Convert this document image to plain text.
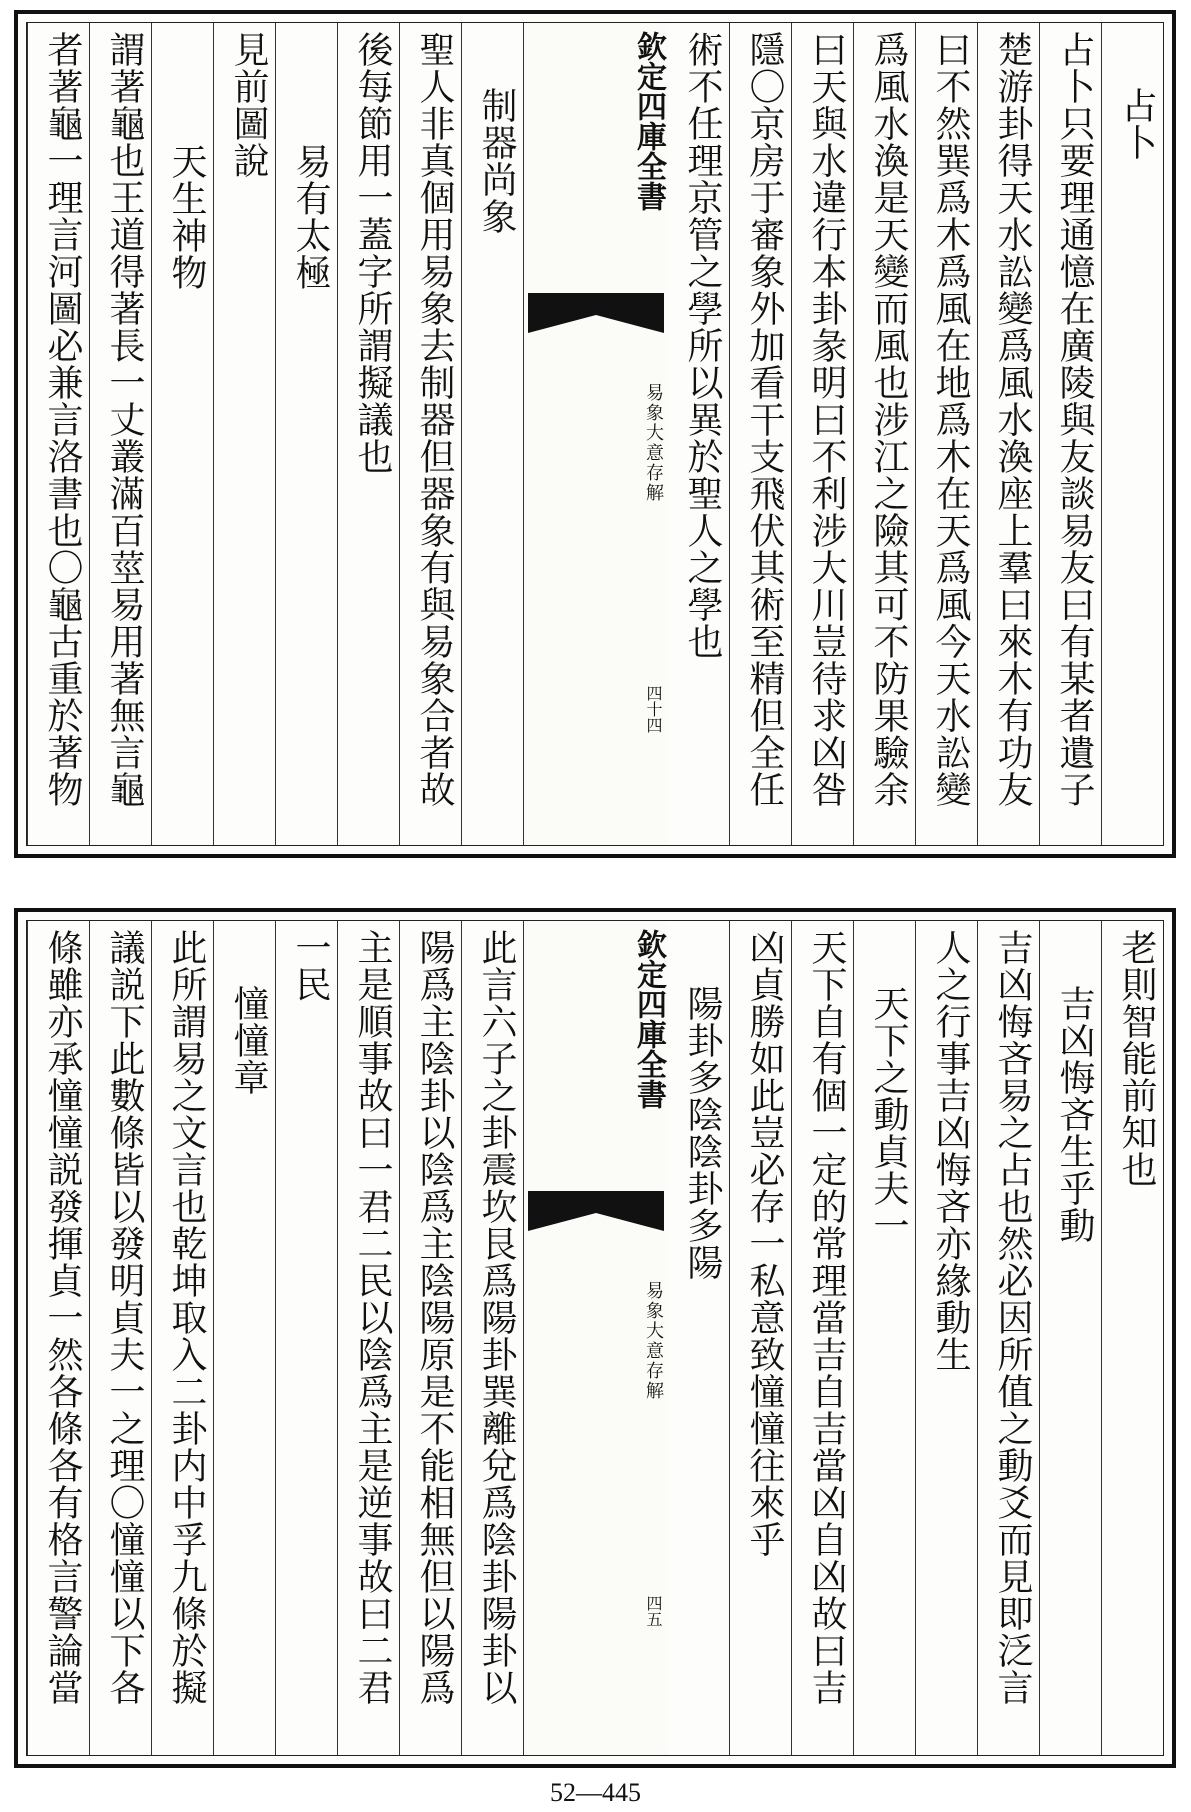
占卜
占卜只要理通憶在廣陵與友談易友曰有某者遺子
楚游卦得天水訟變爲風水渙座上羣曰來木有功友
曰不然巽爲木爲風在地爲木在天爲風今天水訟變
爲風水渙是天變而風也涉江之險其可不防果驗余
曰天與水違行本卦彖明曰不利涉大川豈待求凶咎
隱〇京房于審象外加看干支飛伏其術至精但全任
術不任理京管之學所以異於聖人之學也
欽定四庫全書
易象大意存解
四十四
制器尚象
聖人非真個用易象去制器但器象有與易象合者故
後每節用一蓋字所謂擬議也
易有太極
見前圖說
天生神物
謂著龜也王道得著長一丈叢滿百莖易用著無言龜
者著龜一理言河圖必兼言洛書也〇龜古重於著物
老則智能前知也
吉凶悔吝生乎動
吉凶悔吝易之占也然必因所值之動爻而見即泛言
人之行事吉凶悔吝亦緣動生
天下之動貞夫一
天下自有個一定的常理當吉自吉當凶自凶故曰吉
凶貞勝如此豈必存一私意致憧憧往來乎
陽卦多陰陰卦多陽
欽定四庫全書
易象大意存解
四五
此言六子之卦震坎艮爲陽卦巽離兌爲陰卦陽卦以
陽爲主陰卦以陰爲主陰陽原是不能相無但以陽爲
主是順事故曰一君二民以陰爲主是逆事故曰二君
一民
憧憧章
此所謂易之文言也乾坤取入二卦内中孚九條於擬
議説下此數條皆以發明貞夫一之理〇憧憧以下各
條雖亦承憧憧説發揮貞一然各條各有格言警論當
52—445
